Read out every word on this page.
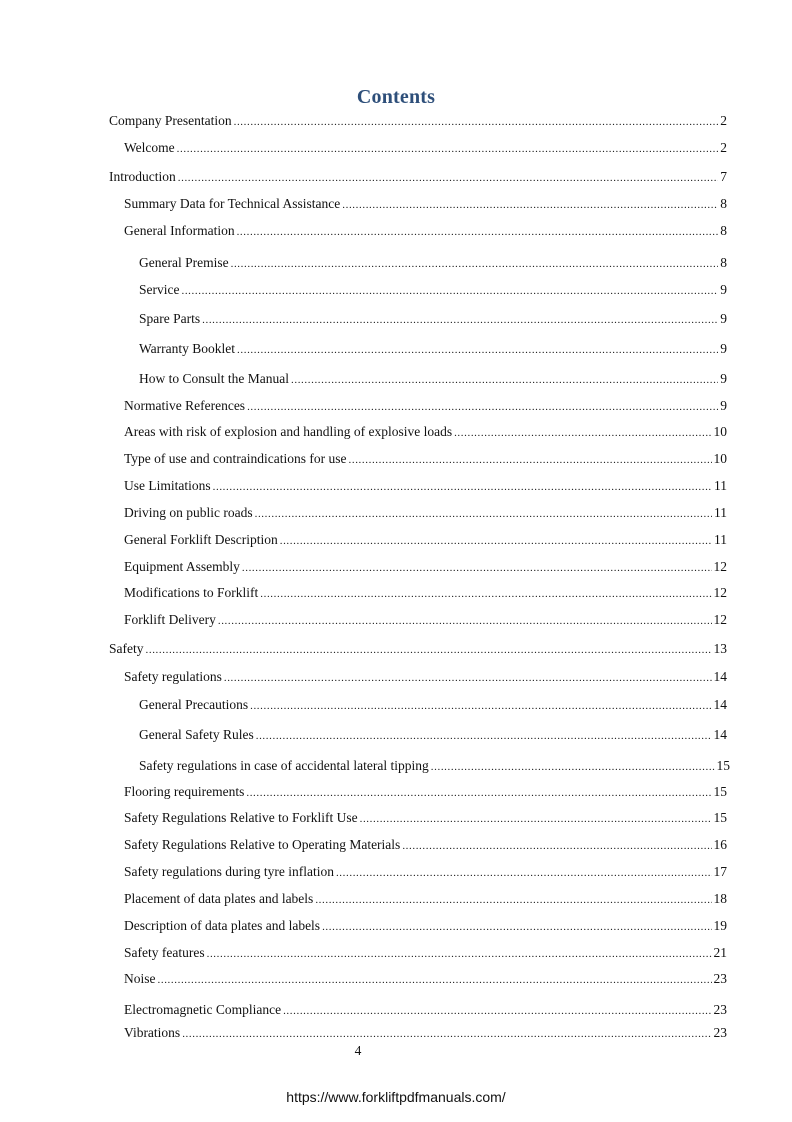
Contents
Company Presentation .....	2
Welcome .....	2
Introduction .....	7
Summary Data for Technical Assistance .....	8
General Information .....	8
General Premise .....	8
Service .....	9
Spare Parts .....	9
Warranty Booklet .....	9
How to Consult the Manual .....	9
Normative References .....	9
Areas with risk of explosion and handling of explosive loads .....	10
Type of use and contraindications for use .....	10
Use Limitations .....	11
Driving on public roads .....	11
General Forklift Description .....	11
Equipment Assembly .....	12
Modifications to Forklift .....	12
Forklift Delivery .....	12
Safety .....	13
Safety regulations .....	14
General Precautions .....	14
General Safety Rules .....	14
Safety regulations in case of accidental lateral tipping .....	15
Flooring requirements .....	15
Safety Regulations Relative to Forklift Use .....	15
Safety Regulations Relative to Operating Materials .....	16
Safety regulations during tyre inflation .....	17
Placement of data plates and labels .....	18
Description of data plates and labels .....	19
Safety features .....	21
Noise .....	23
Electromagnetic Compliance .....	23
Vibrations .....	23
4
https://www.forkliftpdfmanuals.com/
